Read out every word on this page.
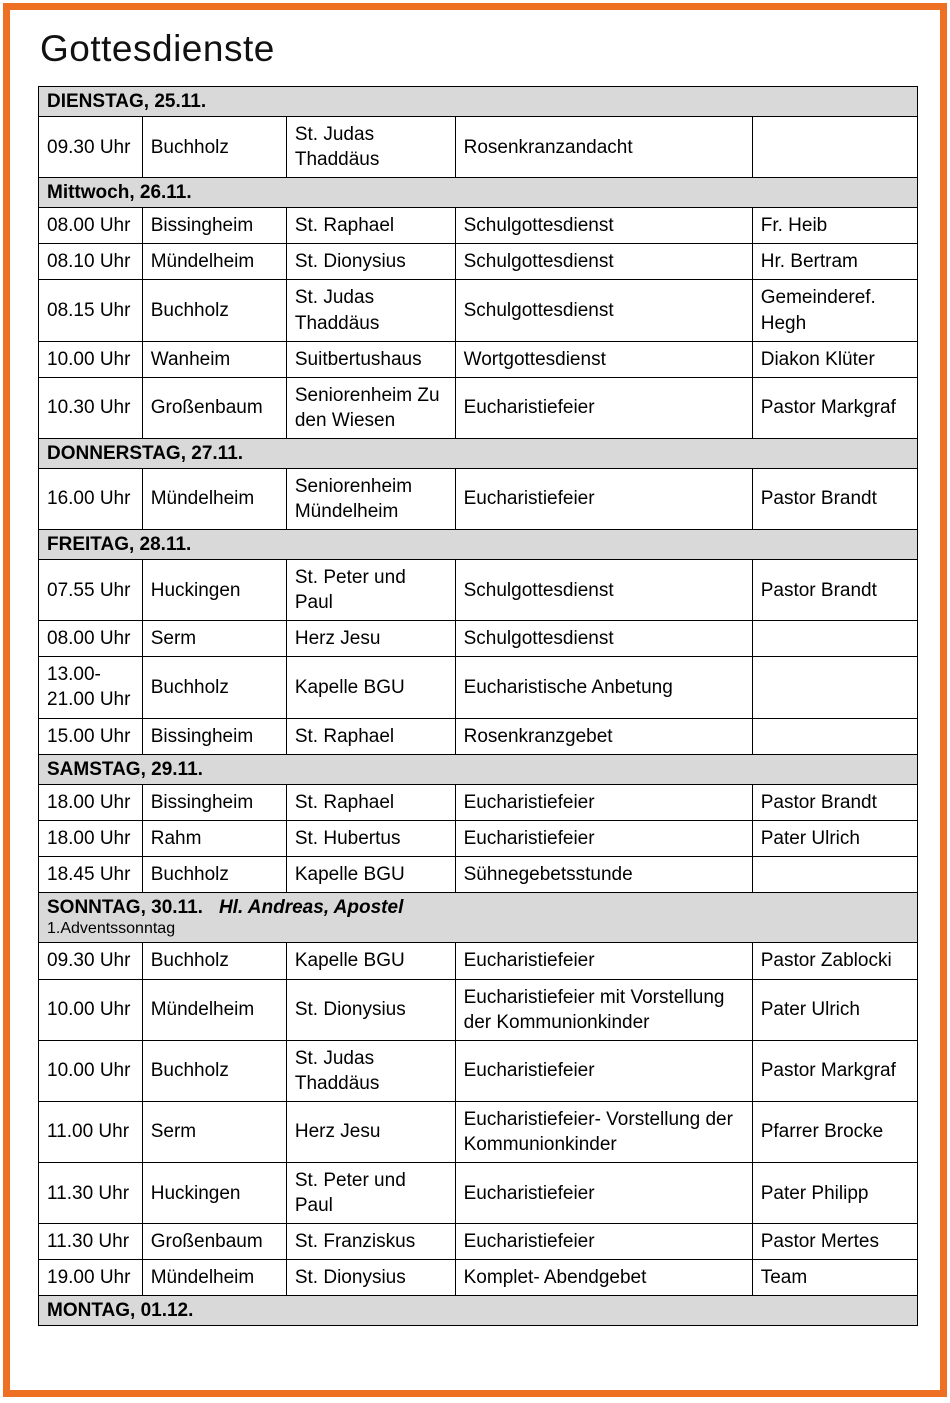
Gottesdienste
DIENSTAG, 25.11.				
09.30 Uhr	Buchholz	St. Judas Thaddäus	Rosenkranzandacht	
Mittwoch, 26.11.				
08.00 Uhr	Bissingheim	St. Raphael	Schulgottesdienst	Fr. Heib
08.10 Uhr	Mündelheim	St. Dionysius	Schulgottesdienst	Hr. Bertram
08.15 Uhr	Buchholz	St. Judas Thaddäus	Schulgottesdienst	Gemeinderef. Hegh
10.00 Uhr	Wanheim	Suitbertushaus	Wortgottesdienst	Diakon Klüter
10.30 Uhr	Großenbaum	Seniorenheim Zu den Wiesen	Eucharistiefeier	Pastor Markgraf
DONNERSTAG, 27.11.				
16.00 Uhr	Mündelheim	Seniorenheim Mündelheim	Eucharistiefeier	Pastor Brandt
FREITAG, 28.11.				
07.55 Uhr	Huckingen	St. Peter und Paul	Schulgottesdienst	Pastor Brandt
08.00 Uhr	Serm	Herz Jesu	Schulgottesdienst	
13.00- 21.00 Uhr	Buchholz	Kapelle BGU	Eucharistische Anbetung	
15.00 Uhr	Bissingheim	St. Raphael	Rosenkranzgebet	
SAMSTAG, 29.11.				
18.00 Uhr	Bissingheim	St. Raphael	Eucharistiefeier	Pastor Brandt
18.00 Uhr	Rahm	St. Hubertus	Eucharistiefeier	Pater Ulrich
18.45 Uhr	Buchholz	Kapelle BGU	Sühnegebetsstunde	
SONNTAG, 30.11. Hl. Andreas, Apostel
1.Adventssonntag				

09.30 Uhr	Buchholz	Kapelle BGU	Eucharistiefeier	Pastor Zablocki
10.00 Uhr	Mündelheim	St. Dionysius	Eucharistiefeier mit Vorstellung der Kommunionkinder	Pater Ulrich
10.00 Uhr	Buchholz	St. Judas Thaddäus	Eucharistiefeier	Pastor Markgraf
11.00 Uhr	Serm	Herz Jesu	Eucharistiefeier- Vorstellung der Kommunionkinder	Pfarrer Brocke
11.30 Uhr	Huckingen	St. Peter und Paul	Eucharistiefeier	Pater Philipp
11.30 Uhr	Großenbaum	St. Franziskus	Eucharistiefeier	Pastor Mertes
19.00 Uhr	Mündelheim	St. Dionysius	Komplet- Abendgebet	Team
MONTAG, 01.12.				
